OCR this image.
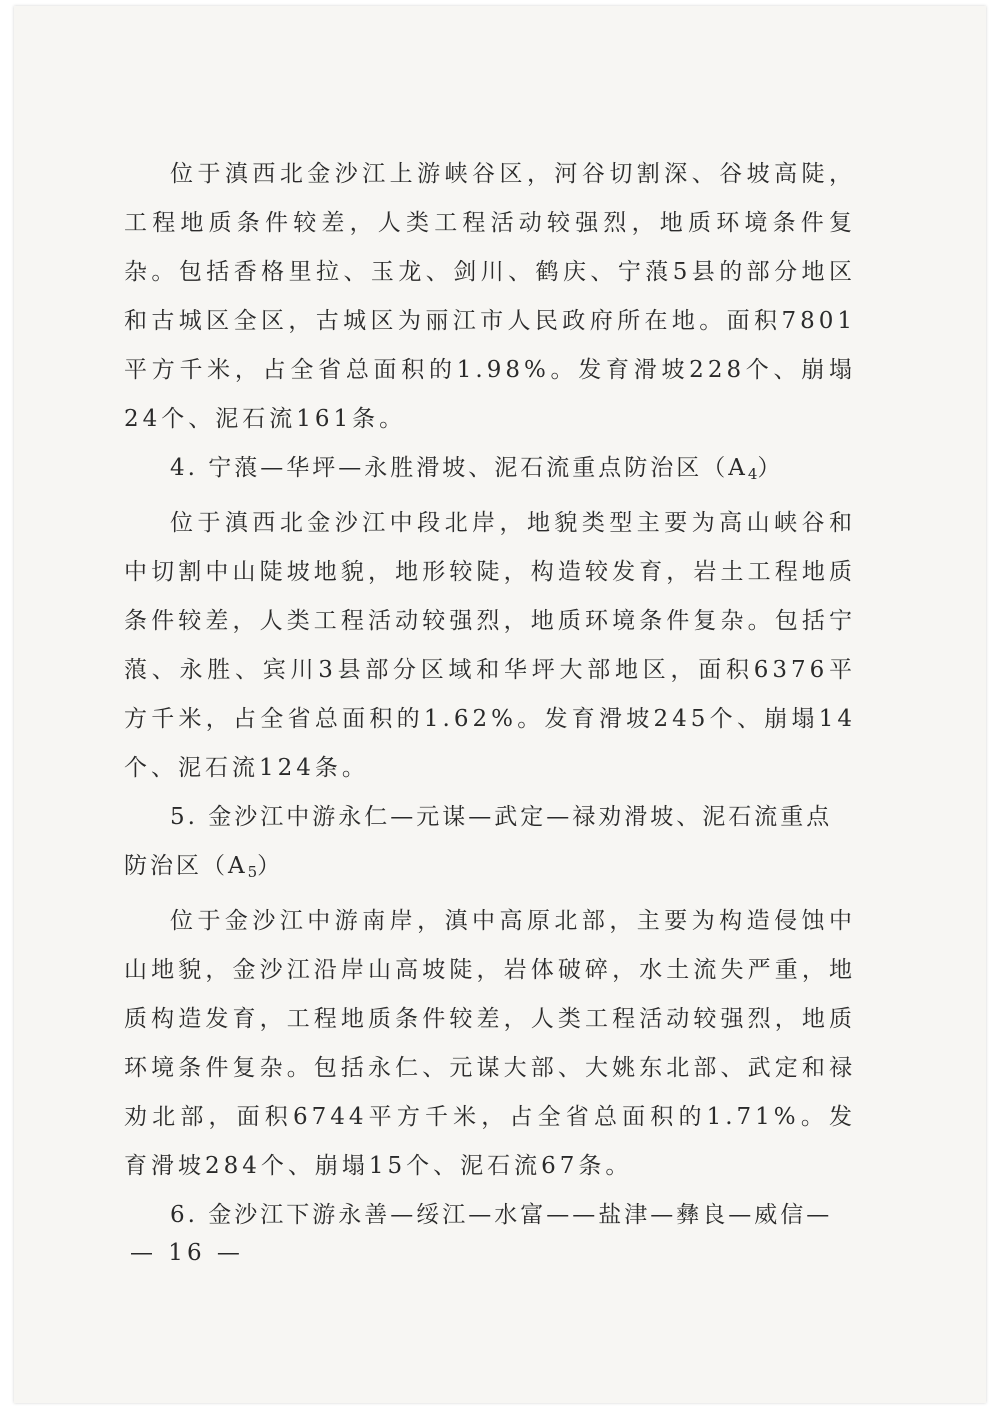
位于滇西北金沙江上游峡谷区，河谷切割深、谷坡高陡，工程地质条件较差，人类工程活动较强烈，地质环境条件复杂。包括香格里拉、玉龙、剑川、鹤庆、宁蒗5县的部分地区和古城区全区，古城区为丽江市人民政府所在地。面积7801平方千米，占全省总面积的1.98%。发育滑坡228个、崩塌24个、泥石流161条。

4. 宁蒗—华坪—永胜滑坡、泥石流重点防治区$(A_4)$

位于滇西北金沙江中段北岸，地貌类型主要为高山峡谷和中切割中山陡坡地貌，地形较陡，构造较发育，岩土工程地质条件较差，人类工程活动较强烈，地质环境条件复杂。包括宁蒗、永胜、宾川3县部分区域和华坪大部地区，面积6376平方千米，占全省总面积的1.62%。发育滑坡245个、崩塌14个、泥石流124条。

5. 金沙江中游永仁—元谋—武定—禄劝滑坡、泥石流重点防治区$(A_5)$

位于金沙江中游南岸，滇中高原北部，主要为构造侵蚀中山地貌，金沙江沿岸山高坡陡，岩体破碎，水土流失严重，地质构造发育，工程地质条件较差，人类工程活动较强烈，地质环境条件复杂。包括永仁、元谋大部、大姚东北部、武定和禄劝北部，面积6744平方千米，占全省总面积的1.71%。发育滑坡284个、崩塌15个、泥石流67条。

6. 金沙江下游永善—绥江—水富——盐津—彝良—威信—

— 16 —
